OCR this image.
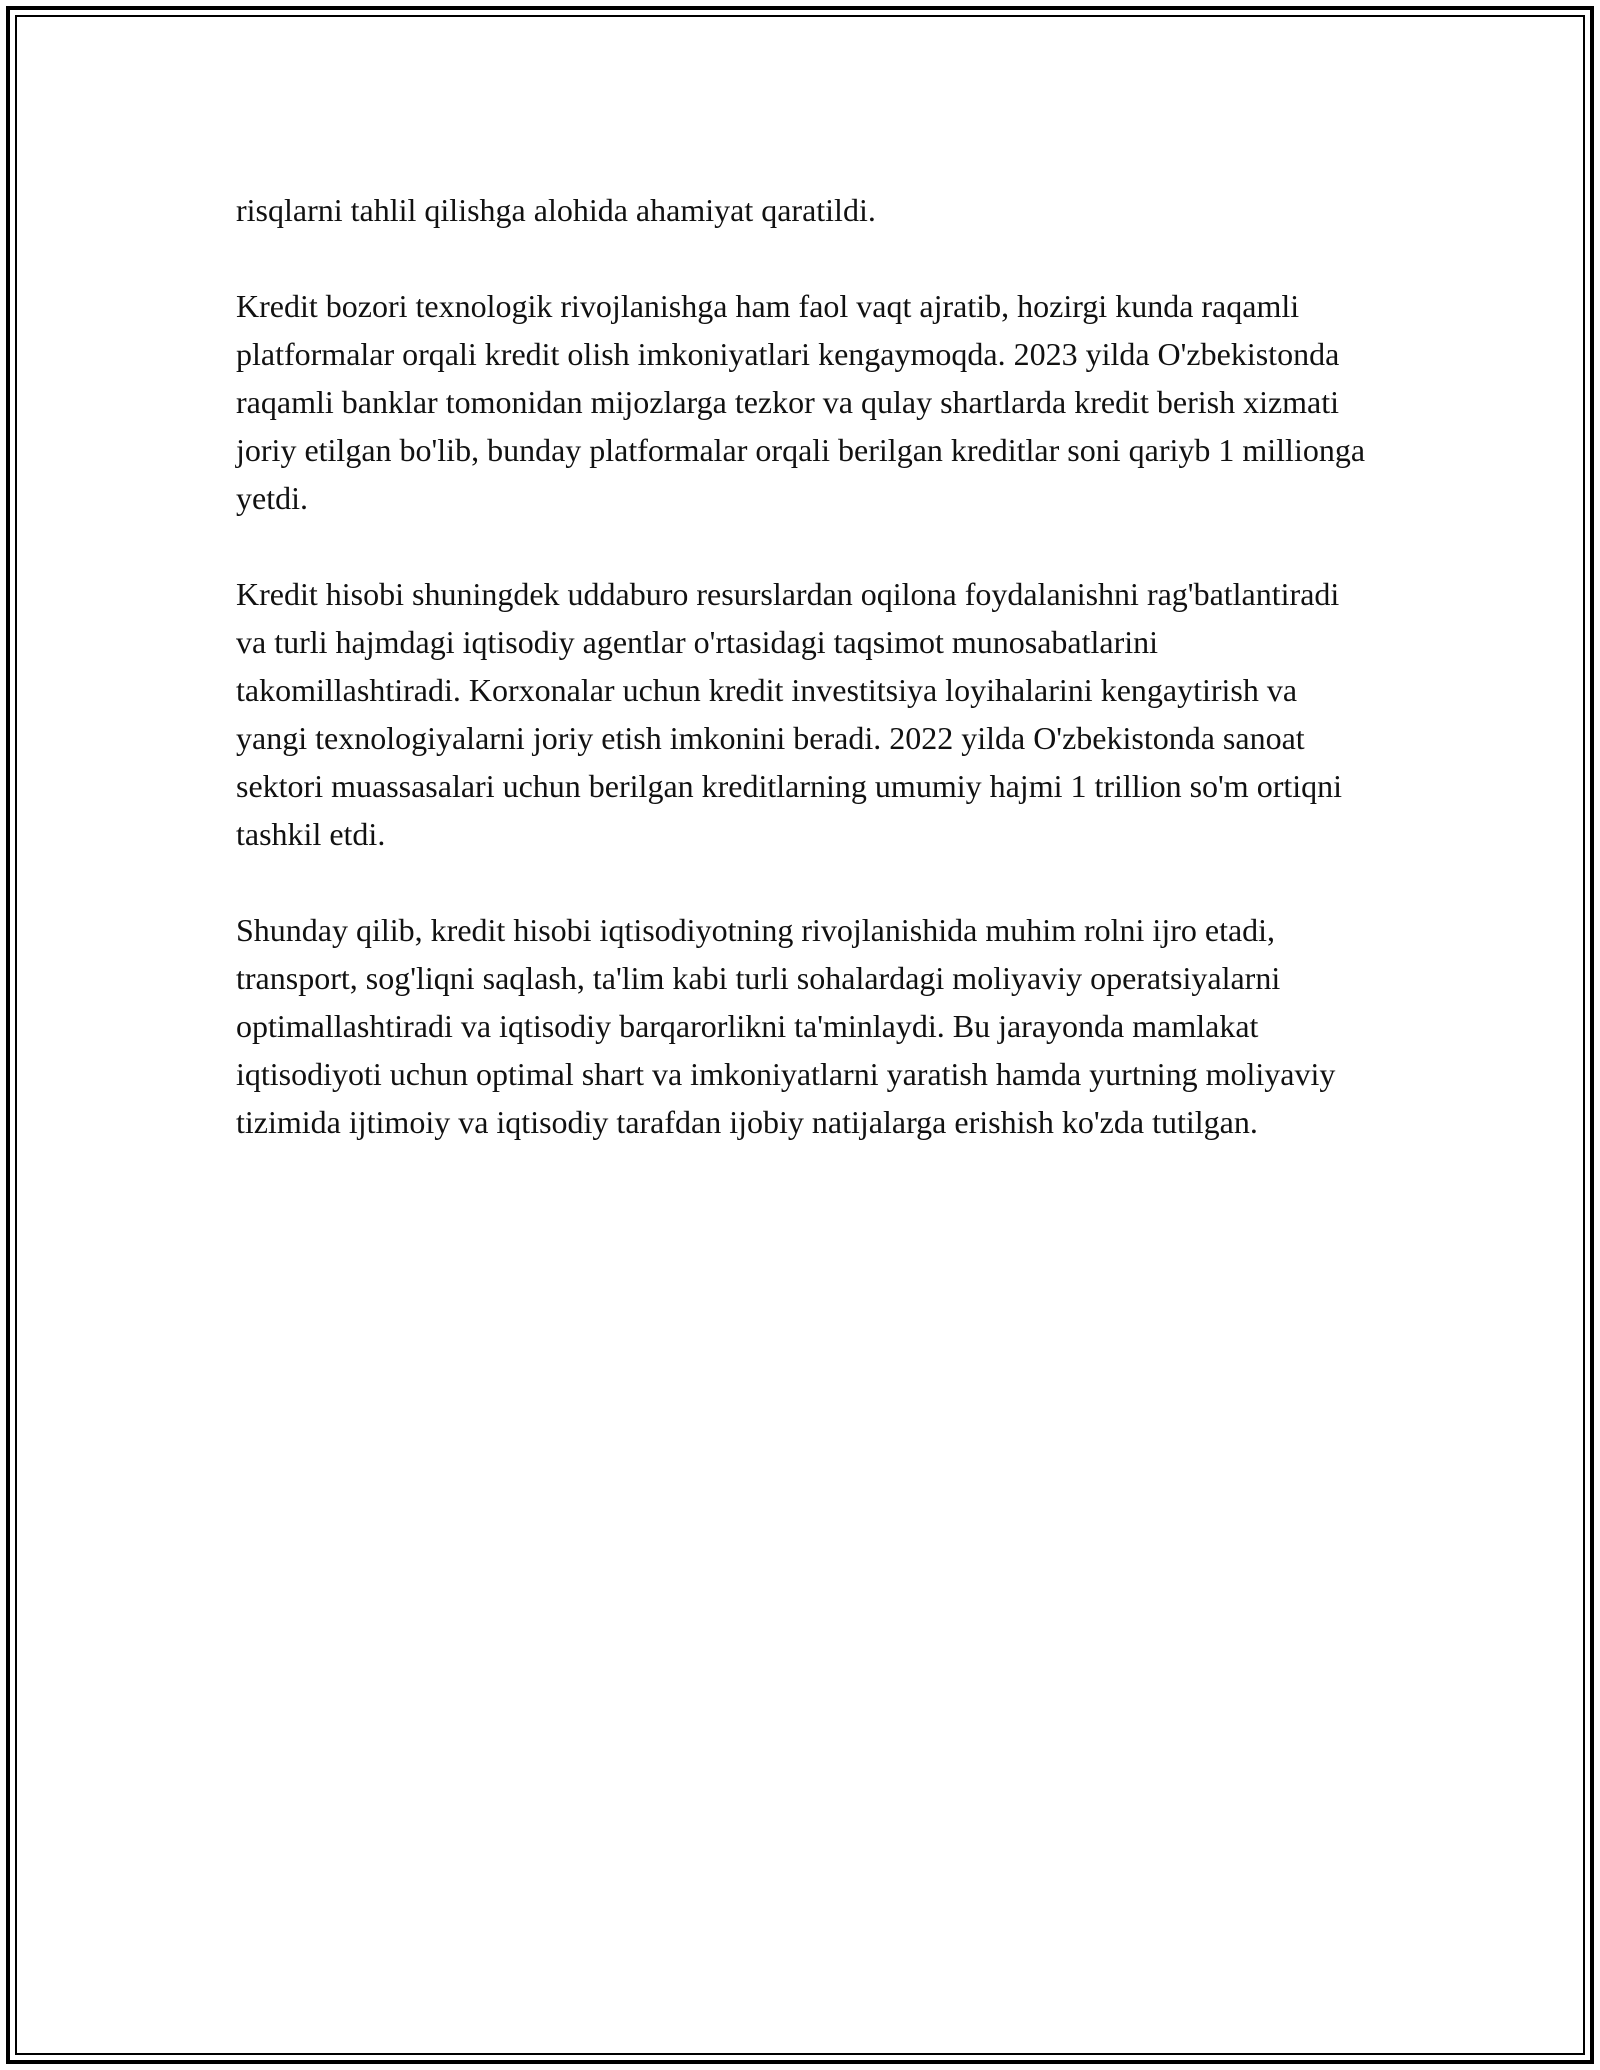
risqlarni tahlil qilishga alohida ahamiyat qaratildi.

Kredit bozori texnologik rivojlanishga ham faol vaqt ajratib, hozirgi kunda raqamli platformalar orqali kredit olish imkoniyatlari kengaymoqda. 2023 yilda O'zbekistonda raqamli banklar tomonidan mijozlarga tezkor va qulay shartlarda kredit berish xizmati joriy etilgan bo'lib, bunday platformalar orqali berilgan kreditlar soni qariyb 1 millionga yetdi.

Kredit hisobi shuningdek uddaburo resurslardan oqilona foydalanishni rag'batlantiradi va turli hajmdagi iqtisodiy agentlar o'rtasidagi taqsimot munosabatlarini takomillashtiradi. Korxonalar uchun kredit investitsiya loyihalarini kengaytirish va yangi texnologiyalarni joriy etish imkonini beradi. 2022 yilda O'zbekistonda sanoat sektori muassasalari uchun berilgan kreditlarning umumiy hajmi 1 trillion so'm ortiqni tashkil etdi.

Shunday qilib, kredit hisobi iqtisodiyotning rivojlanishida muhim rolni ijro etadi, transport, sog'liqni saqlash, ta'lim kabi turli sohalardagi moliyaviy operatsiyalarni optimallashtiradi va iqtisodiy barqarorlikni ta'minlaydi. Bu jarayonda mamlakat iqtisodiyoti uchun optimal shart va imkoniyatlarni yaratish hamda yurtning moliyaviy tizimida ijtimoiy va iqtisodiy tarafdan ijobiy natijalarga erishish ko'zda tutilgan.
